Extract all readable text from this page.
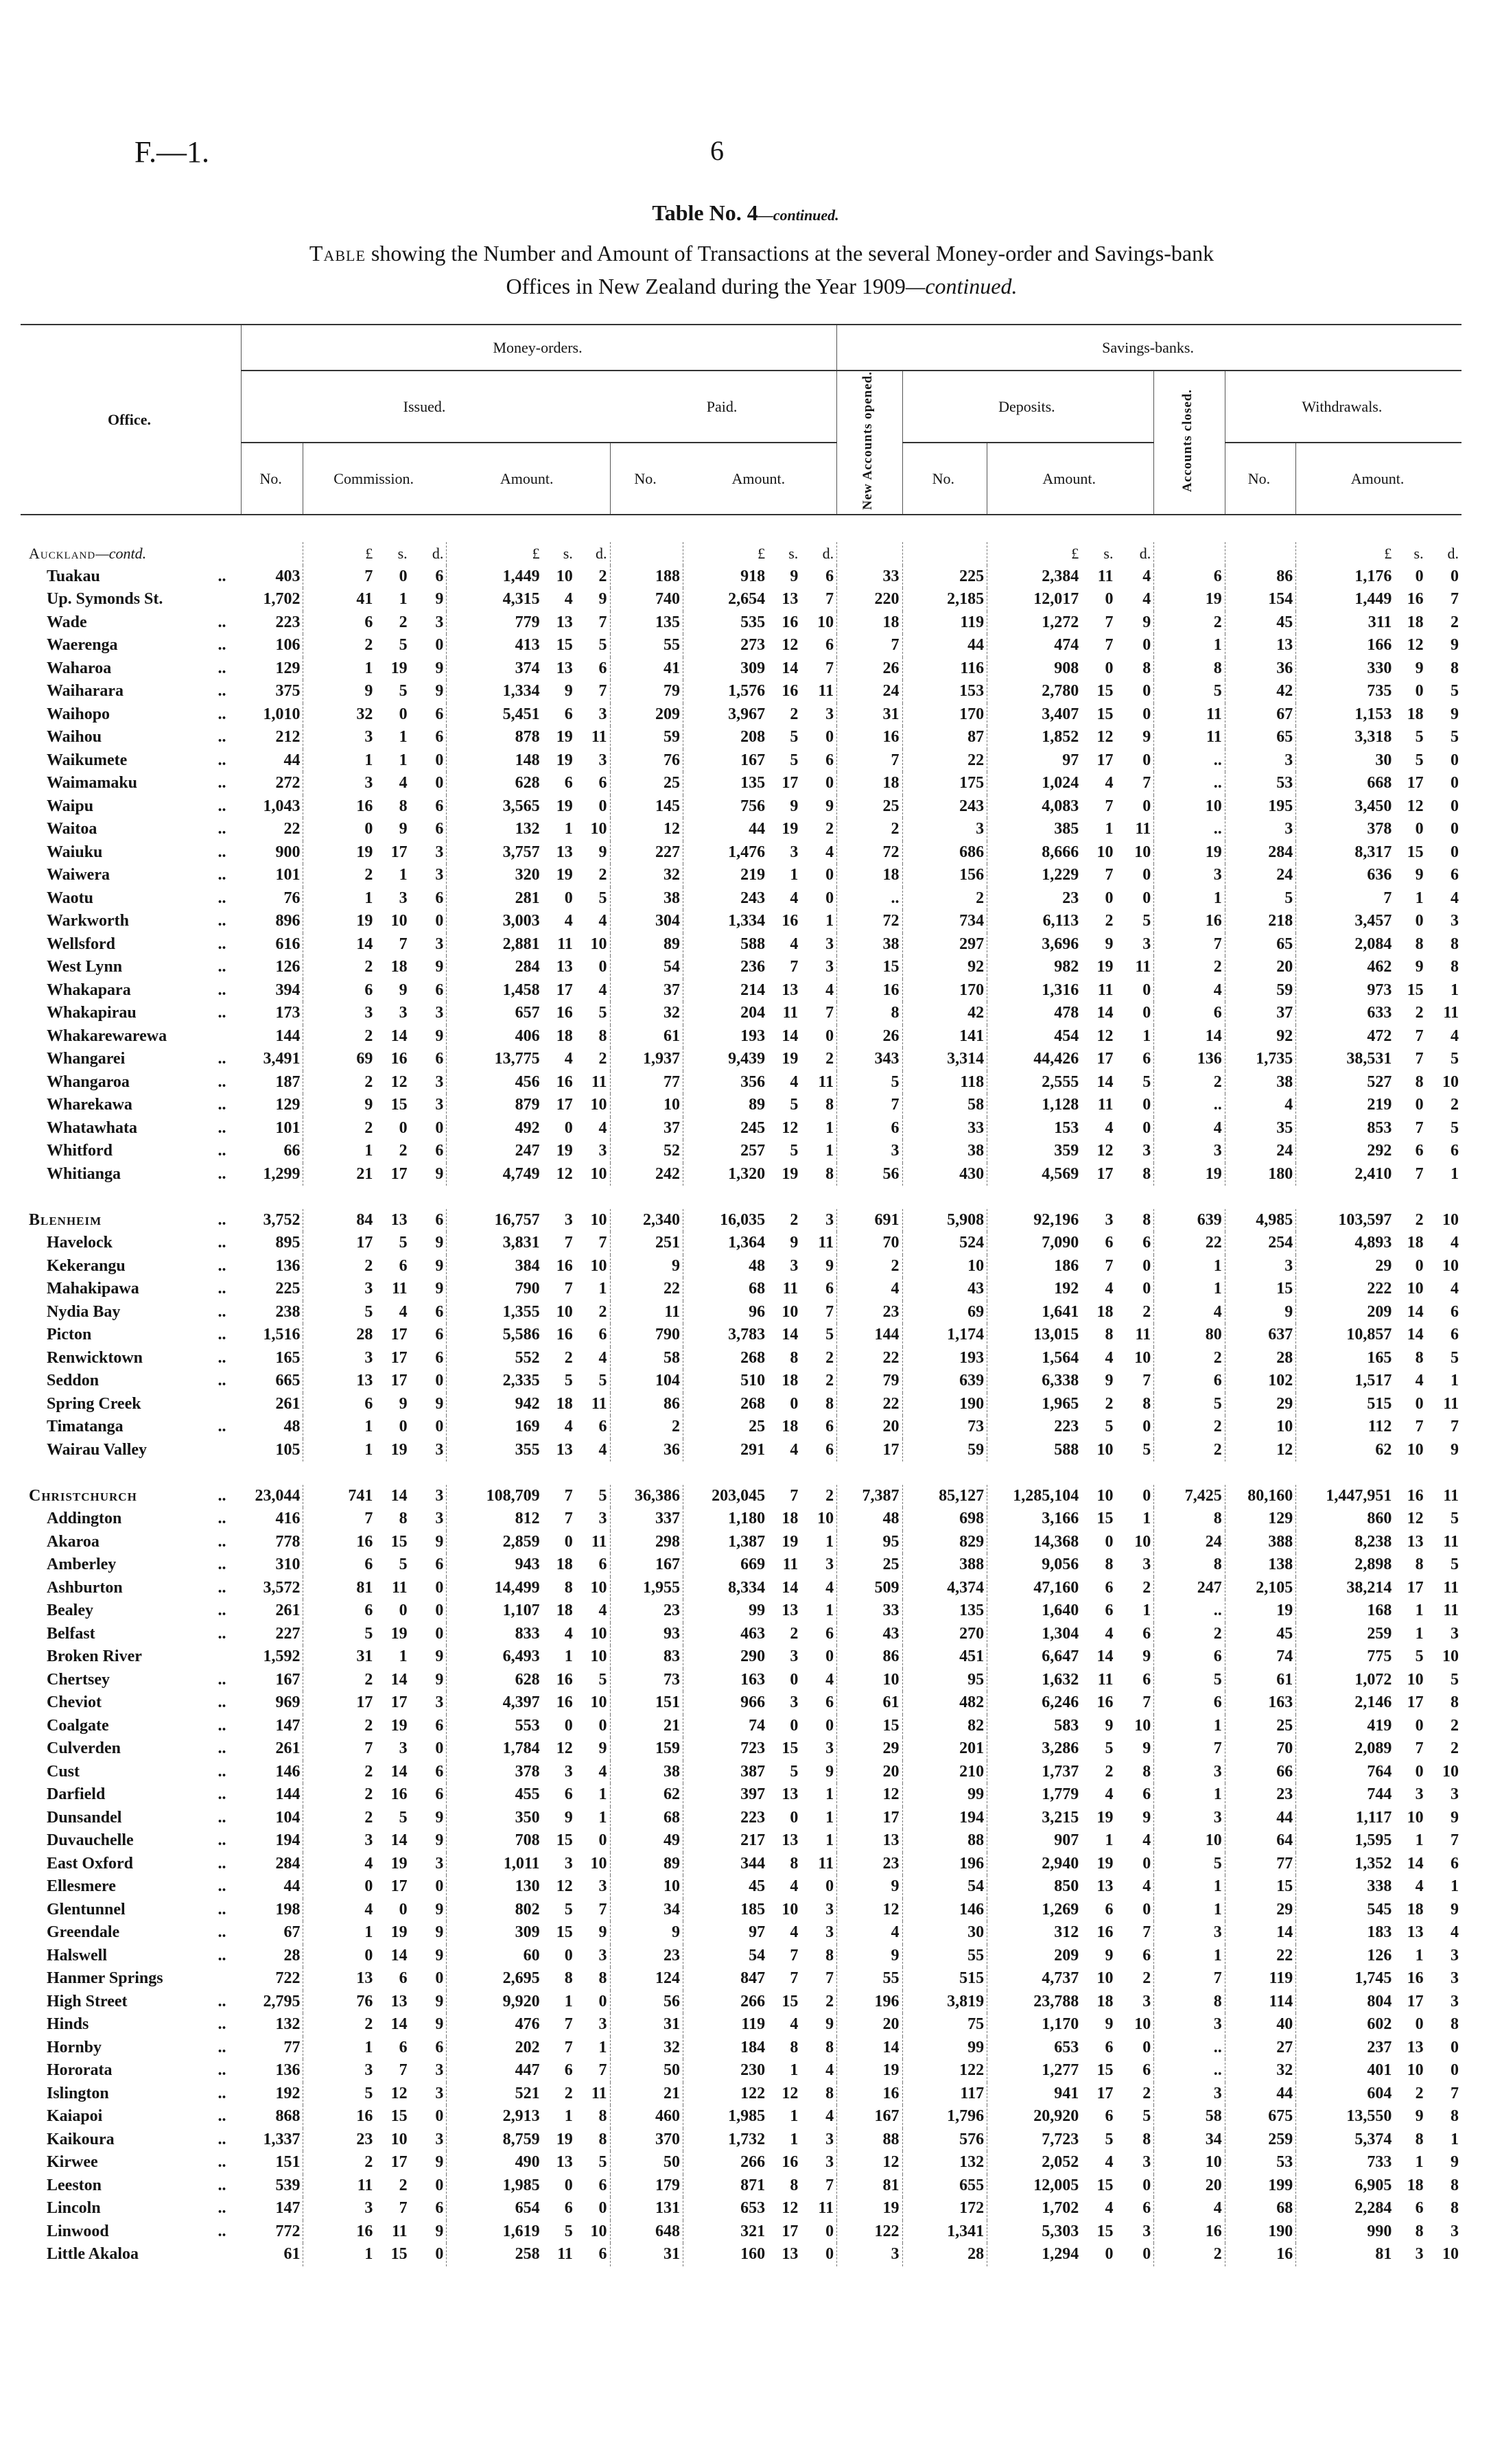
F.—1.	6
Table No. 4—continued.
Table showing the Number and Amount of Transactions at the several Money-order and Savings-bank
Offices in New Zealand during the Year 1909—continued.
Office.	Money-orders.											Savings-banks.									
	Issued.							Paid.				New Accounts opened.	Deposits.				Accounts closed.	Withdrawals.			
	No.	Commission.			Amount.			No.	Amount.				No.	Amount.				No.	Amount.		

Auckland—contd.		£	s.	d.	£	s.	d.		£	s.	d.			£	s.	d.			£	s.	d.

Tuakau ..	403	7	0	6	1,449	10	2	188	918	9	6	33	225	2,384	11	4	6	86	1,176	0	0

Up. Symonds St.	1,702	41	1	9	4,315	4	9	740	2,654	13	7	220	2,185	12,017	0	4	19	154	1,449	16	7

Wade ..	223	6	2	3	779	13	7	135	535	16	10	18	119	1,272	7	9	2	45	311	18	2

Waerenga ..	106	2	5	0	413	15	5	55	273	12	6	7	44	474	7	0	1	13	166	12	9

Waharoa ..	129	1	19	9	374	13	6	41	309	14	7	26	116	908	0	8	8	36	330	9	8

Waiharara ..	375	9	5	9	1,334	9	7	79	1,576	16	11	24	153	2,780	15	0	5	42	735	0	5

Waihopo ..	1,010	32	0	6	5,451	6	3	209	3,967	2	3	31	170	3,407	15	0	11	67	1,153	18	9

Waihou ..	212	3	1	6	878	19	11	59	208	5	0	16	87	1,852	12	9	11	65	3,318	5	5

Waikumete ..	44	1	1	0	148	19	3	76	167	5	6	7	22	97	17	0	..	3	30	5	0

Waimamaku ..	272	3	4	0	628	6	6	25	135	17	0	18	175	1,024	4	7	..	53	668	17	0

Waipu ..	1,043	16	8	6	3,565	19	0	145	756	9	9	25	243	4,083	7	0	10	195	3,450	12	0

Waitoa ..	22	0	9	6	132	1	10	12	44	19	2	2	3	385	1	11	..	3	378	0	0

Waiuku ..	900	19	17	3	3,757	13	9	227	1,476	3	4	72	686	8,666	10	10	19	284	8,317	15	0

Waiwera ..	101	2	1	3	320	19	2	32	219	1	0	18	156	1,229	7	0	3	24	636	9	6

Waotu ..	76	1	3	6	281	0	5	38	243	4	0	..	2	23	0	0	1	5	7	1	4

Warkworth ..	896	19	10	0	3,003	4	4	304	1,334	16	1	72	734	6,113	2	5	16	218	3,457	0	3

Wellsford ..	616	14	7	3	2,881	11	10	89	588	4	3	38	297	3,696	9	3	7	65	2,084	8	8

West Lynn ..	126	2	18	9	284	13	0	54	236	7	3	15	92	982	19	11	2	20	462	9	8

Whakapara ..	394	6	9	6	1,458	17	4	37	214	13	4	16	170	1,316	11	0	4	59	973	15	1

Whakapirau ..	173	3	3	3	657	16	5	32	204	11	7	8	42	478	14	0	6	37	633	2	11

Whakarewarewa	144	2	14	9	406	18	8	61	193	14	0	26	141	454	12	1	14	92	472	7	4

Whangarei ..	3,491	69	16	6	13,775	4	2	1,937	9,439	19	2	343	3,314	44,426	17	6	136	1,735	38,531	7	5

Whangaroa ..	187	2	12	3	456	16	11	77	356	4	11	5	118	2,555	14	5	2	38	527	8	10

Wharekawa ..	129	9	15	3	879	17	10	10	89	5	8	7	58	1,128	11	0	..	4	219	0	2

Whatawhata ..	101	2	0	0	492	0	4	37	245	12	1	6	33	153	4	0	4	35	853	7	5

Whitford ..	66	1	2	6	247	19	3	52	257	5	1	3	38	359	12	3	3	24	292	6	6

Whitianga ..	1,299	21	17	9	4,749	12	10	242	1,320	19	8	56	430	4,569	17	8	19	180	2,410	7	1

Blenheim ..	3,752	84	13	6	16,757	3	10	2,340	16,035	2	3	691	5,908	92,196	3	8	639	4,985	103,597	2	10

Havelock ..	895	17	5	9	3,831	7	7	251	1,364	9	11	70	524	7,090	6	6	22	254	4,893	18	4

Kekerangu ..	136	2	6	9	384	16	10	9	48	3	9	2	10	186	7	0	1	3	29	0	10

Mahakipawa ..	225	3	11	9	790	7	1	22	68	11	6	4	43	192	4	0	1	15	222	10	4

Nydia Bay ..	238	5	4	6	1,355	10	2	11	96	10	7	23	69	1,641	18	2	4	9	209	14	6

Picton ..	1,516	28	17	6	5,586	16	6	790	3,783	14	5	144	1,174	13,015	8	11	80	637	10,857	14	6

Renwicktown ..	165	3	17	6	552	2	4	58	268	8	2	22	193	1,564	4	10	2	28	165	8	5

Seddon ..	665	13	17	0	2,335	5	5	104	510	18	2	79	639	6,338	9	7	6	102	1,517	4	1

Spring Creek	261	6	9	9	942	18	11	86	268	0	8	22	190	1,965	2	8	5	29	515	0	11

Timatanga ..	48	1	0	0	169	4	6	2	25	18	6	20	73	223	5	0	2	10	112	7	7

Wairau Valley	105	1	19	3	355	13	4	36	291	4	6	17	59	588	10	5	2	12	62	10	9

Christchurch ..	23,044	741	14	3	108,709	7	5	36,386	203,045	7	2	7,387	85,127	1,285,104	10	0	7,425	80,160	1,447,951	16	11

Addington ..	416	7	8	3	812	7	3	337	1,180	18	10	48	698	3,166	15	1	8	129	860	12	5

Akaroa ..	778	16	15	9	2,859	0	11	298	1,387	19	1	95	829	14,368	0	10	24	388	8,238	13	11

Amberley ..	310	6	5	6	943	18	6	167	669	11	3	25	388	9,056	8	3	8	138	2,898	8	5

Ashburton ..	3,572	81	11	0	14,499	8	10	1,955	8,334	14	4	509	4,374	47,160	6	2	247	2,105	38,214	17	11

Bealey ..	261	6	0	0	1,107	18	4	23	99	13	1	33	135	1,640	6	1	..	19	168	1	11

Belfast ..	227	5	19	0	833	4	10	93	463	2	6	43	270	1,304	4	6	2	45	259	1	3

Broken River	1,592	31	1	9	6,493	1	10	83	290	3	0	86	451	6,647	14	9	6	74	775	5	10

Chertsey ..	167	2	14	9	628	16	5	73	163	0	4	10	95	1,632	11	6	5	61	1,072	10	5

Cheviot ..	969	17	17	3	4,397	16	10	151	966	3	6	61	482	6,246	16	7	6	163	2,146	17	8

Coalgate ..	147	2	19	6	553	0	0	21	74	0	0	15	82	583	9	10	1	25	419	0	2

Culverden ..	261	7	3	0	1,784	12	9	159	723	15	3	29	201	3,286	5	9	7	70	2,089	7	2

Cust ..	146	2	14	6	378	3	4	38	387	5	9	20	210	1,737	2	8	3	66	764	0	10

Darfield ..	144	2	16	6	455	6	1	62	397	13	1	12	99	1,779	4	6	1	23	744	3	3

Dunsandel ..	104	2	5	9	350	9	1	68	223	0	1	17	194	3,215	19	9	3	44	1,117	10	9

Duvauchelle ..	194	3	14	9	708	15	0	49	217	13	1	13	88	907	1	4	10	64	1,595	1	7

East Oxford ..	284	4	19	3	1,011	3	10	89	344	8	11	23	196	2,940	19	0	5	77	1,352	14	6

Ellesmere ..	44	0	17	0	130	12	3	10	45	4	0	9	54	850	13	4	1	15	338	4	1

Glentunnel ..	198	4	0	9	802	5	7	34	185	10	3	12	146	1,269	6	0	1	29	545	18	9

Greendale ..	67	1	19	9	309	15	9	9	97	4	3	4	30	312	16	7	3	14	183	13	4

Halswell ..	28	0	14	9	60	0	3	23	54	7	8	9	55	209	9	6	1	22	126	1	3

Hanmer Springs	722	13	6	0	2,695	8	8	124	847	7	7	55	515	4,737	10	2	7	119	1,745	16	3

High Street ..	2,795	76	13	9	9,920	1	0	56	266	15	2	196	3,819	23,788	18	3	8	114	804	17	3

Hinds ..	132	2	14	9	476	7	3	31	119	4	9	20	75	1,170	9	10	3	40	602	0	8

Hornby ..	77	1	6	6	202	7	1	32	184	8	8	14	99	653	6	0	..	27	237	13	0

Hororata ..	136	3	7	3	447	6	7	50	230	1	4	19	122	1,277	15	6	..	32	401	10	0

Islington ..	192	5	12	3	521	2	11	21	122	12	8	16	117	941	17	2	3	44	604	2	7

Kaiapoi ..	868	16	15	0	2,913	1	8	460	1,985	1	4	167	1,796	20,920	6	5	58	675	13,550	9	8

Kaikoura ..	1,337	23	10	3	8,759	19	8	370	1,732	1	3	88	576	7,723	5	8	34	259	5,374	8	1

Kirwee ..	151	2	17	9	490	13	5	50	266	16	3	12	132	2,052	4	3	10	53	733	1	9

Leeston ..	539	11	2	0	1,985	0	6	179	871	8	7	81	655	12,005	15	0	20	199	6,905	18	8

Lincoln ..	147	3	7	6	654	6	0	131	653	12	11	19	172	1,702	4	6	4	68	2,284	6	8

Linwood ..	772	16	11	9	1,619	5	10	648	321	17	0	122	1,341	5,303	15	3	16	190	990	8	3

Little Akaloa	61	1	15	0	258	11	6	31	160	13	0	3	28	1,294	0	0	2	16	81	3	10
